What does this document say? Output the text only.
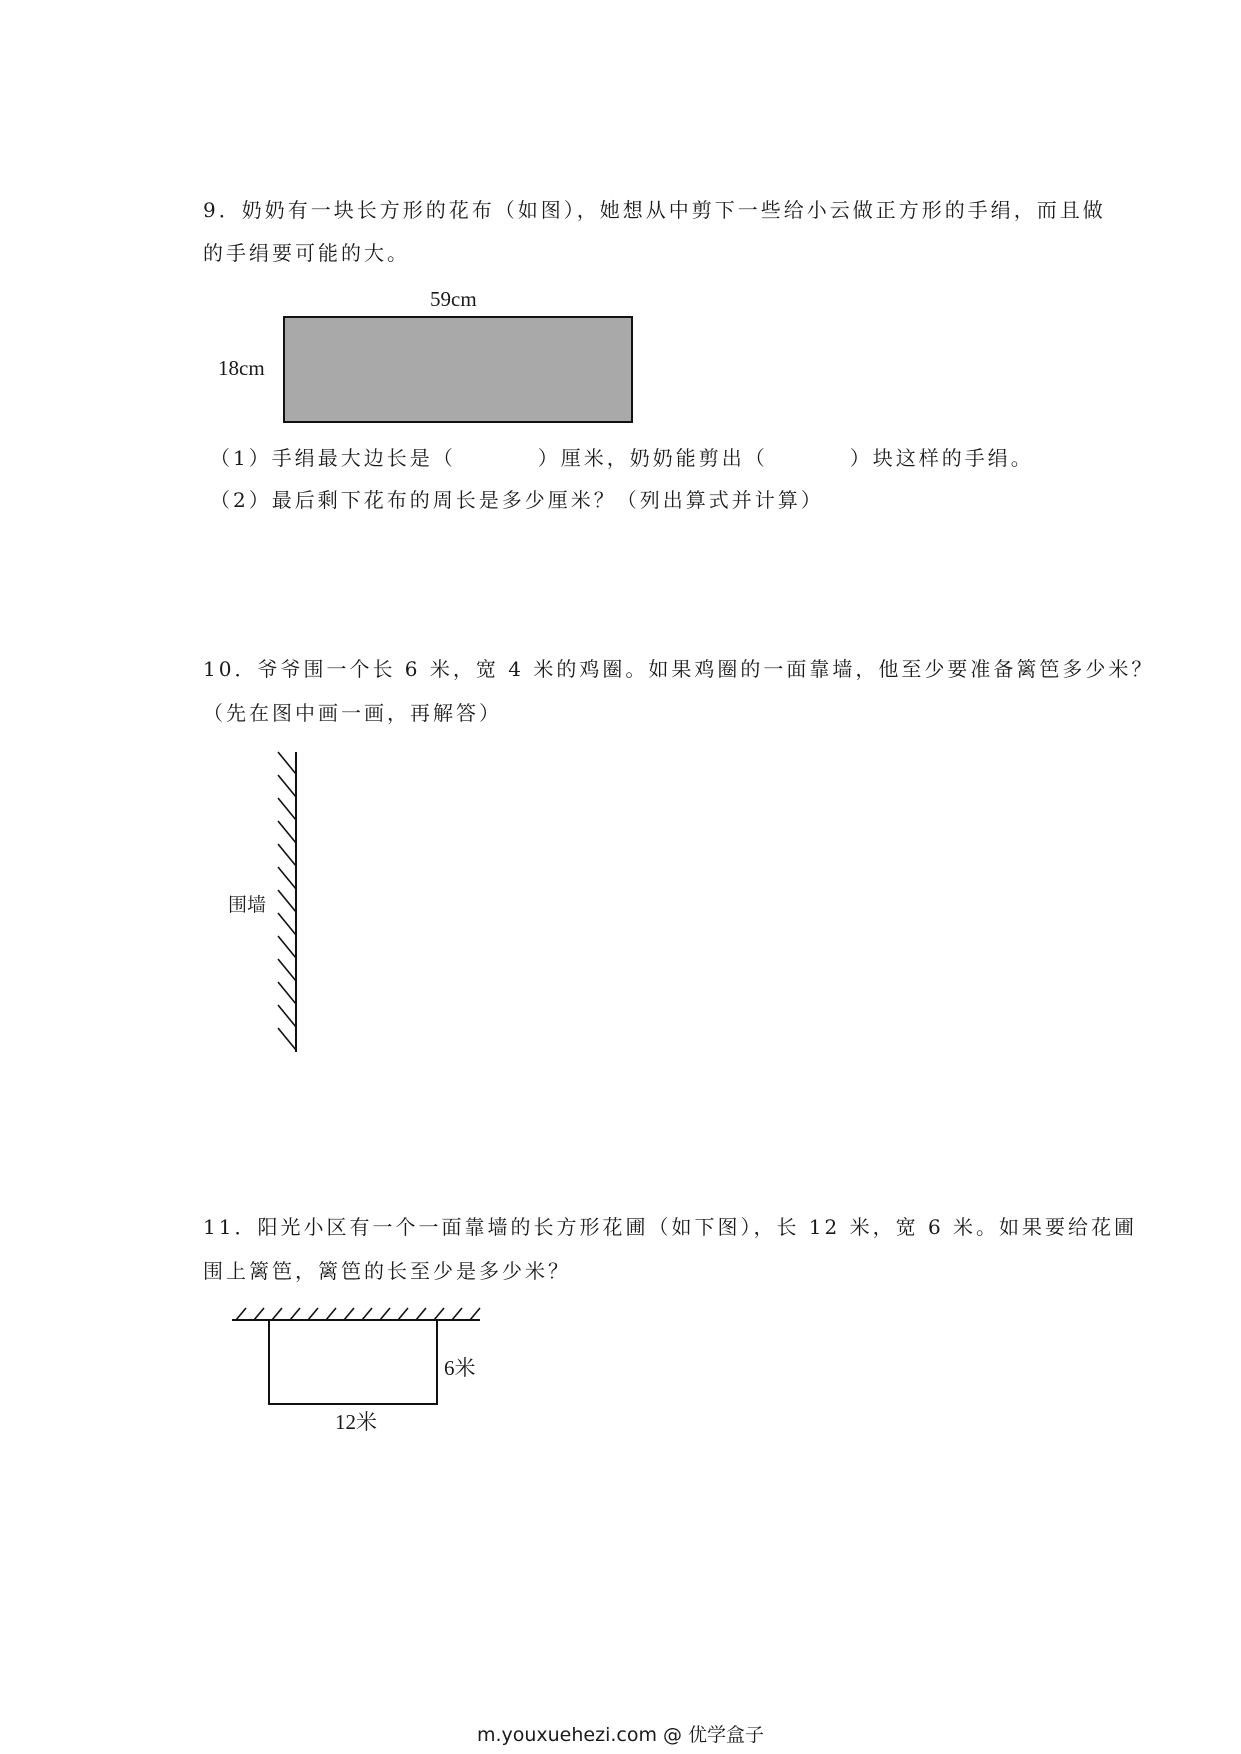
9．奶奶有一块长方形的花布（如图），她想从中剪下一些给小云做正方形的手绢，而且做
的手绢要可能的大。
59cm
18cm
（1）手绢最大边长是（	）厘米，奶奶能剪出（	）块这样的手绢。
（2）最后剩下花布的周长是多少厘米？（列出算式并计算）
10．爷爷围一个长 6 米，宽 4 米的鸡圈。如果鸡圈的一面靠墙，他至少要准备篱笆多少米？
（先在图中画一画，再解答）
围墙
11．阳光小区有一个一面靠墙的长方形花圃（如下图），长 12 米，宽 6 米。如果要给花圃
围上篱笆，篱笆的长至少是多少米？
6米
12米
m.youxuehezi.com @ 优学盒子
